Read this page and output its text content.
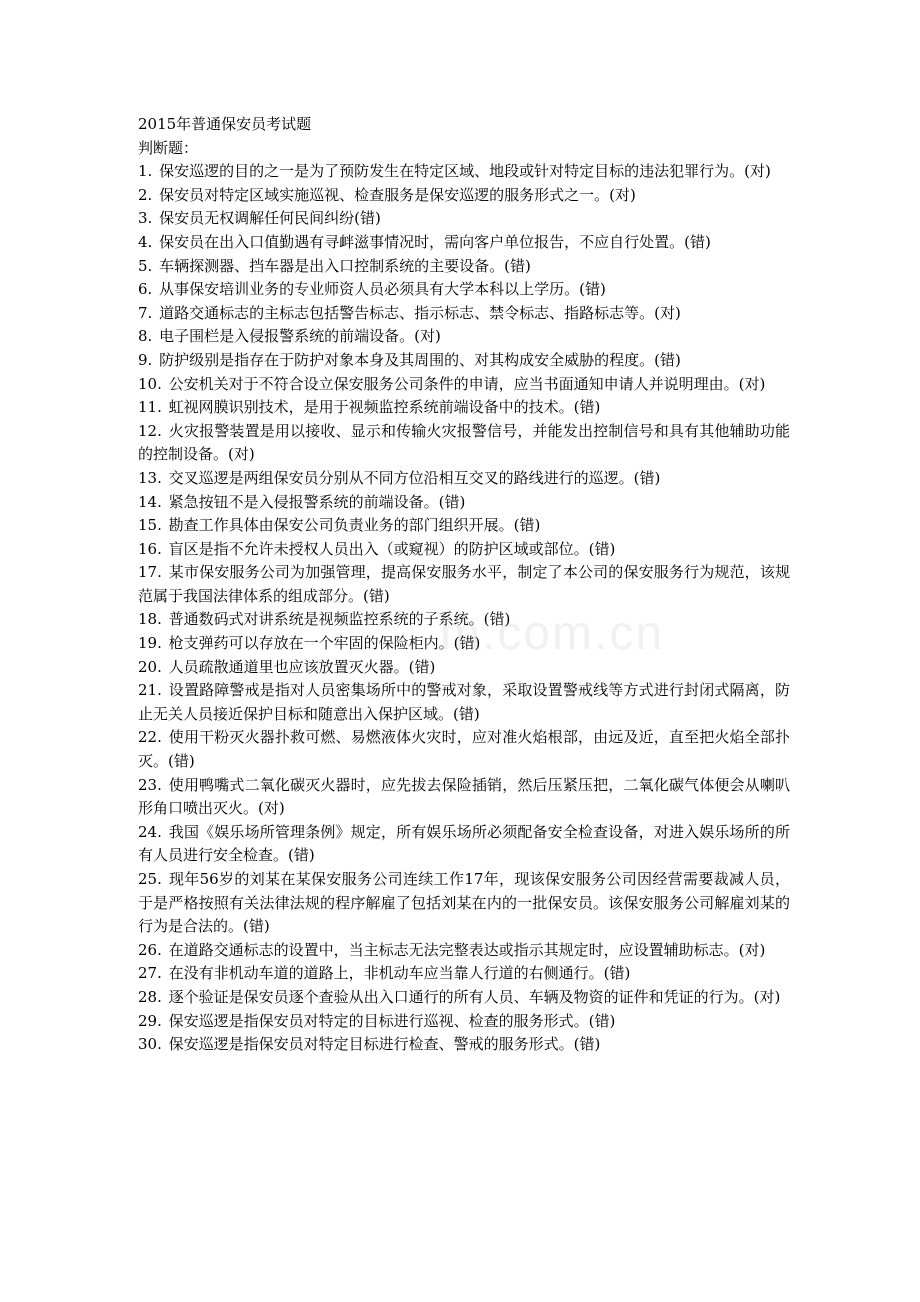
m.com.cn
2015年普通保安员考试题
判断题：
1. 保安巡逻的目的之一是为了预防发生在特定区域、地段或针对特定目标的违法犯罪行为。(对)
2. 保安员对特定区域实施巡视、检查服务是保安巡逻的服务形式之一。(对)
3. 保安员无权调解任何民间纠纷(错)
4. 保安员在出入口值勤遇有寻衅滋事情况时，需向客户单位报告，不应自行处置。(错)
5. 车辆探测器、挡车器是出入口控制系统的主要设备。(错)
6. 从事保安培训业务的专业师资人员必须具有大学本科以上学历。(错)
7. 道路交通标志的主标志包括警告标志、指示标志、禁令标志、指路标志等。(对)
8. 电子围栏是入侵报警系统的前端设备。(对)
9. 防护级别是指存在于防护对象本身及其周围的、对其构成安全威胁的程度。(错)
10. 公安机关对于不符合设立保安服务公司条件的申请，应当书面通知申请人并说明理由。(对)
11. 虹视网膜识别技术，是用于视频监控系统前端设备中的技术。(错)
12. 火灾报警装置是用以接收、显示和传输火灾报警信号，并能发出控制信号和具有其他辅助功能的控制设备。(对)
13. 交叉巡逻是两组保安员分别从不同方位沿相互交叉的路线进行的巡逻。(错)
14. 紧急按钮不是入侵报警系统的前端设备。(错)
15. 勘查工作具体由保安公司负责业务的部门组织开展。(错)
16. 盲区是指不允许未授权人员出入（或窥视）的防护区域或部位。(错)
17. 某市保安服务公司为加强管理，提高保安服务水平，制定了本公司的保安服务行为规范，该规范属于我国法律体系的组成部分。(错)
18. 普通数码式对讲系统是视频监控系统的子系统。(错)
19. 枪支弹药可以存放在一个牢固的保险柜内。(错)
20. 人员疏散通道里也应该放置灭火器。(错)
21. 设置路障警戒是指对人员密集场所中的警戒对象，采取设置警戒线等方式进行封闭式隔离，防止无关人员接近保护目标和随意出入保护区域。(错)
22. 使用干粉灭火器扑救可燃、易燃液体火灾时，应对准火焰根部，由远及近，直至把火焰全部扑灭。(错)
23. 使用鸭嘴式二氧化碳灭火器时，应先拔去保险插销，然后压紧压把，二氧化碳气体便会从喇叭形角口喷出灭火。(对)
24. 我国《娱乐场所管理条例》规定，所有娱乐场所必须配备安全检查设备，对进入娱乐场所的所有人员进行安全检查。(错)
25. 现年56岁的刘某在某保安服务公司连续工作17年，现该保安服务公司因经营需要裁减人员，于是严格按照有关法律法规的程序解雇了包括刘某在内的一批保安员。该保安服务公司解雇刘某的行为是合法的。(错)
26. 在道路交通标志的设置中，当主标志无法完整表达或指示其规定时，应设置辅助标志。(对)
27. 在没有非机动车道的道路上，非机动车应当靠人行道的右侧通行。(错)
28. 逐个验证是保安员逐个查验从出入口通行的所有人员、车辆及物资的证件和凭证的行为。(对)
29. 保安巡逻是指保安员对特定的目标进行巡视、检查的服务形式。(错)
30. 保安巡逻是指保安员对特定目标进行检查、警戒的服务形式。(错)
